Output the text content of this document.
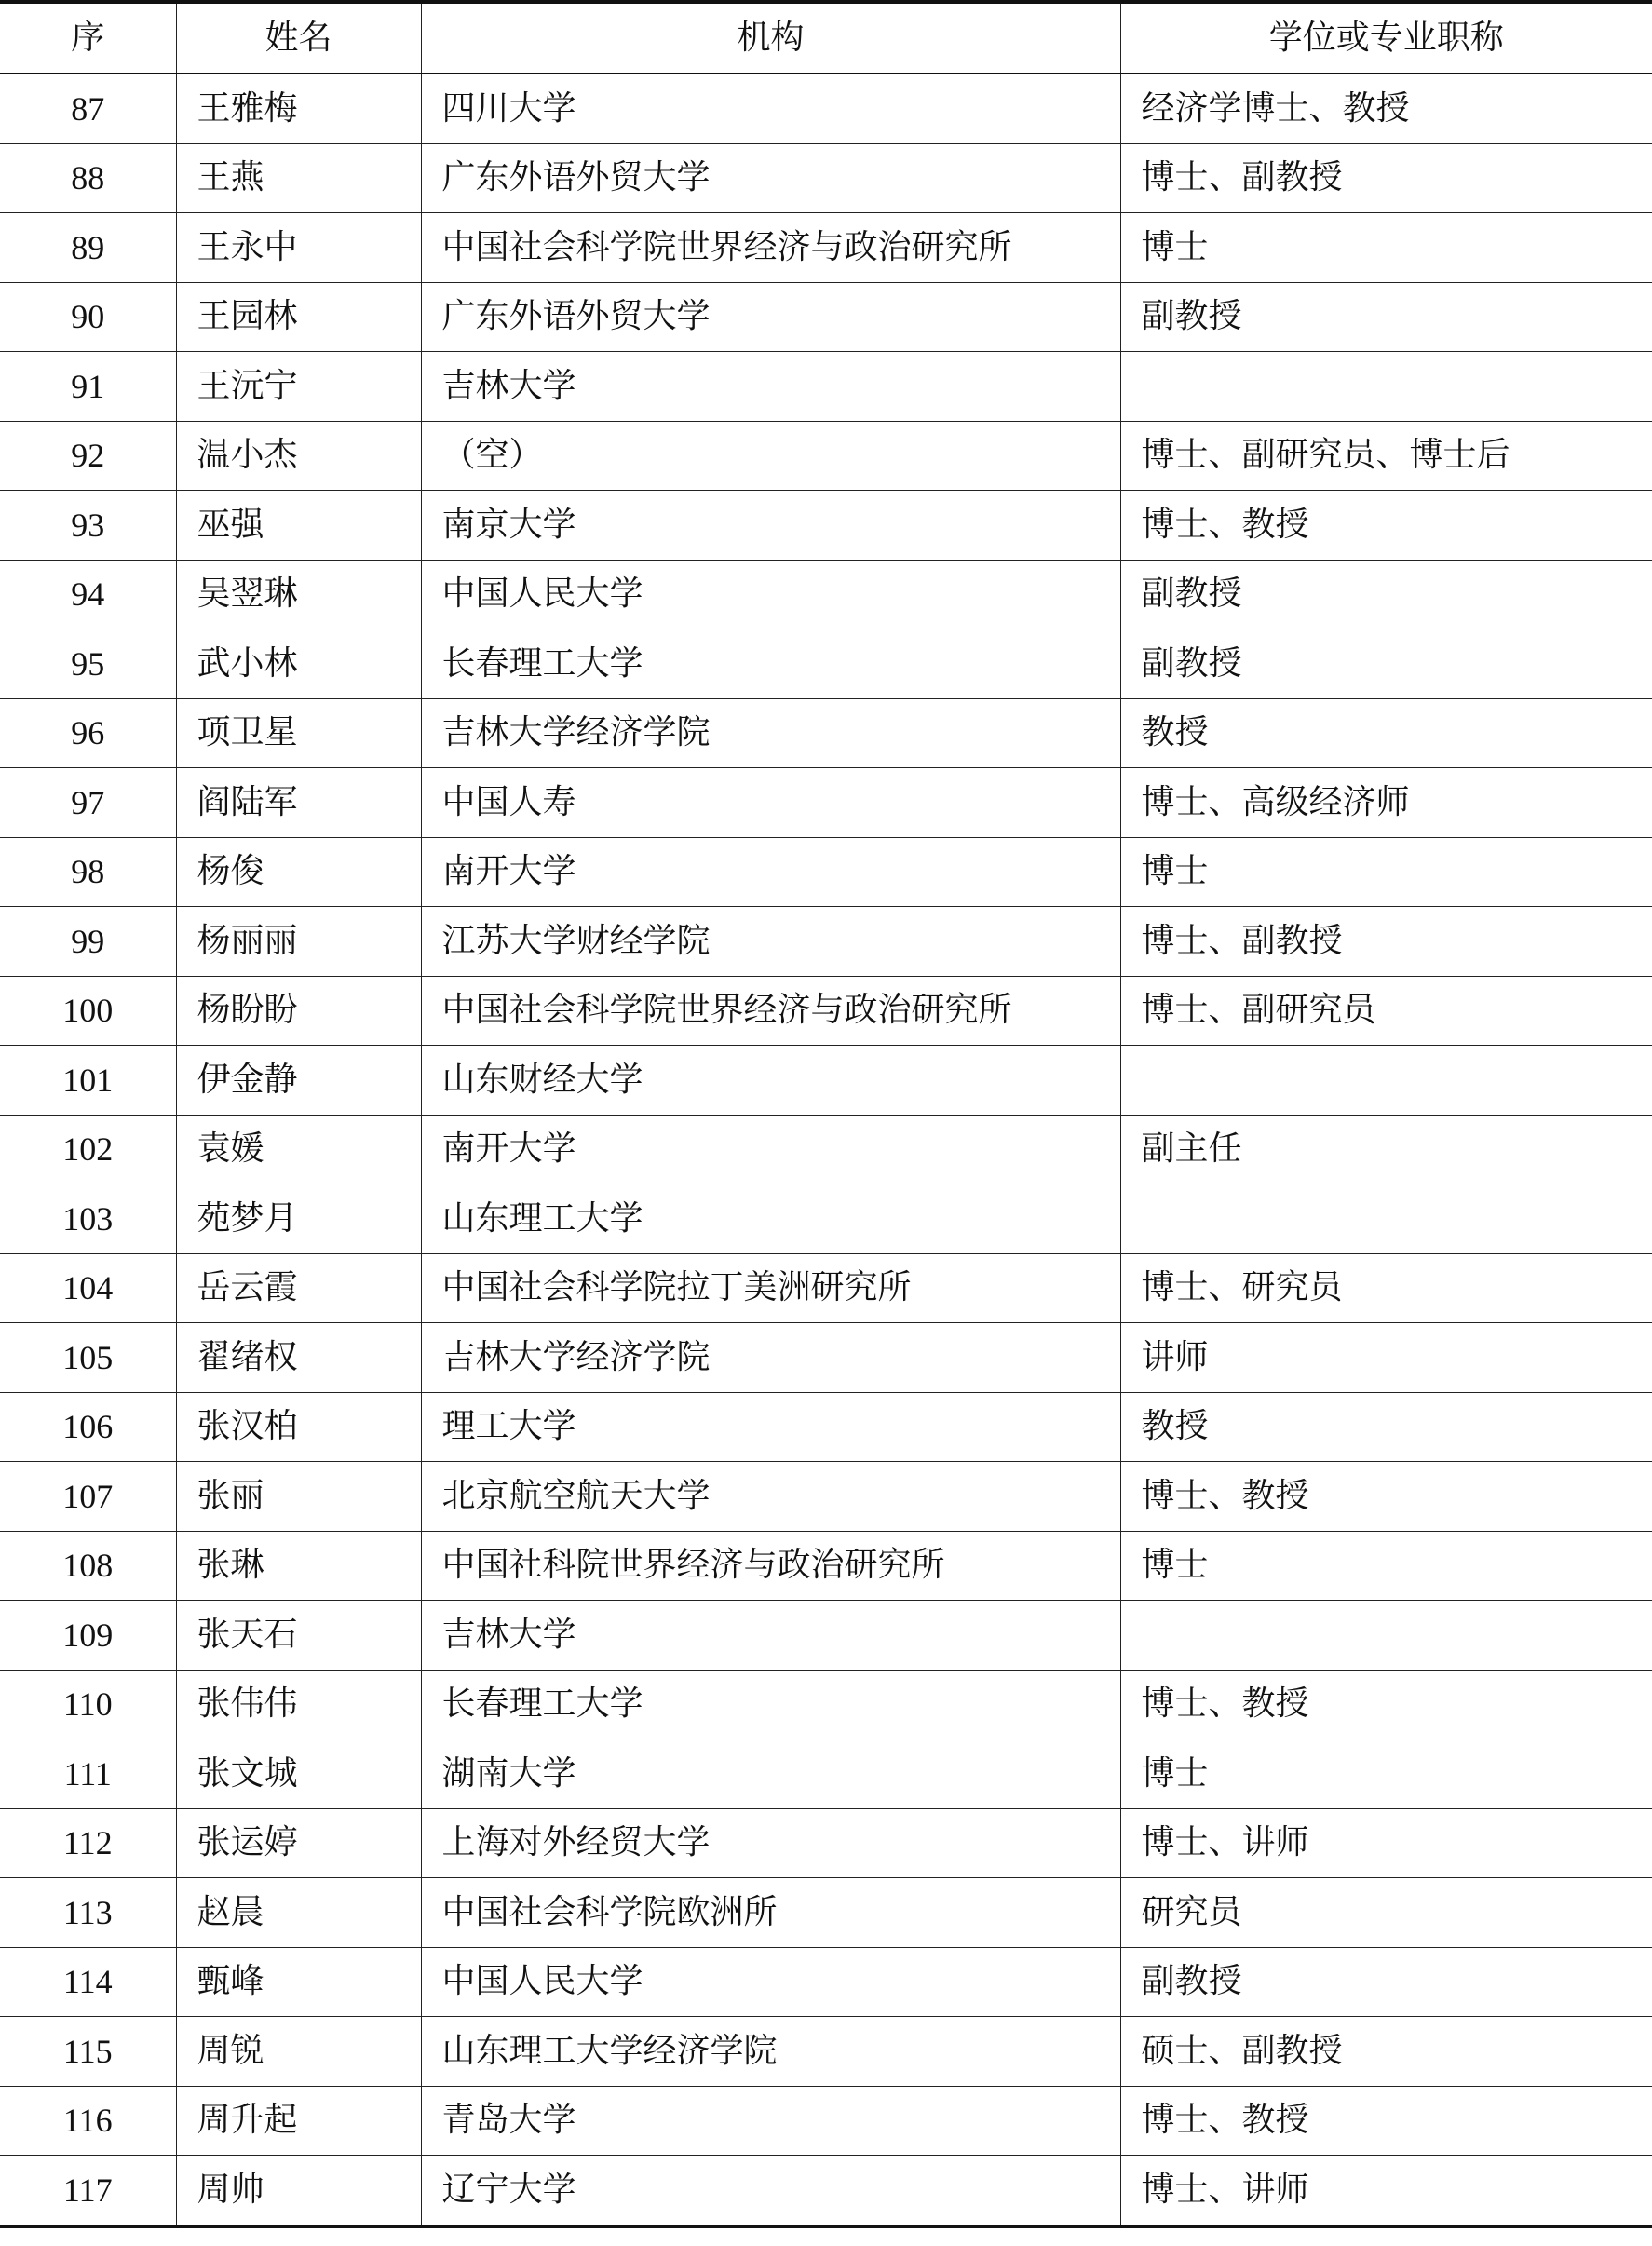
序	姓名	机构	学位或专业职称
87	王雅梅	四川大学	经济学博士、教授
88	王燕	广东外语外贸大学	博士、副教授
89	王永中	中国社会科学院世界经济与政治研究所	博士
90	王园林	广东外语外贸大学	副教授
91	王沅宁	吉林大学	
92	温小杰	（空）	博士、副研究员、博士后
93	巫强	南京大学	博士、教授
94	吴翌琳	中国人民大学	副教授
95	武小林	长春理工大学	副教授
96	项卫星	吉林大学经济学院	教授
97	阎陆军	中国人寿	博士、高级经济师
98	杨俊	南开大学	博士
99	杨丽丽	江苏大学财经学院	博士、副教授
100	杨盼盼	中国社会科学院世界经济与政治研究所	博士、副研究员
101	伊金静	山东财经大学	
102	袁媛	南开大学	副主任
103	苑梦月	山东理工大学	
104	岳云霞	中国社会科学院拉丁美洲研究所	博士、研究员
105	翟绪权	吉林大学经济学院	讲师
106	张汉柏	理工大学	教授
107	张丽	北京航空航天大学	博士、教授
108	张琳	中国社科院世界经济与政治研究所	博士
109	张天石	吉林大学	
110	张伟伟	长春理工大学	博士、教授
111	张文城	湖南大学	博士
112	张运婷	上海对外经贸大学	博士、讲师
113	赵晨	中国社会科学院欧洲所	研究员
114	甄峰	中国人民大学	副教授
115	周锐	山东理工大学经济学院	硕士、副教授
116	周升起	青岛大学	博士、教授
117	周帅	辽宁大学	博士、讲师
